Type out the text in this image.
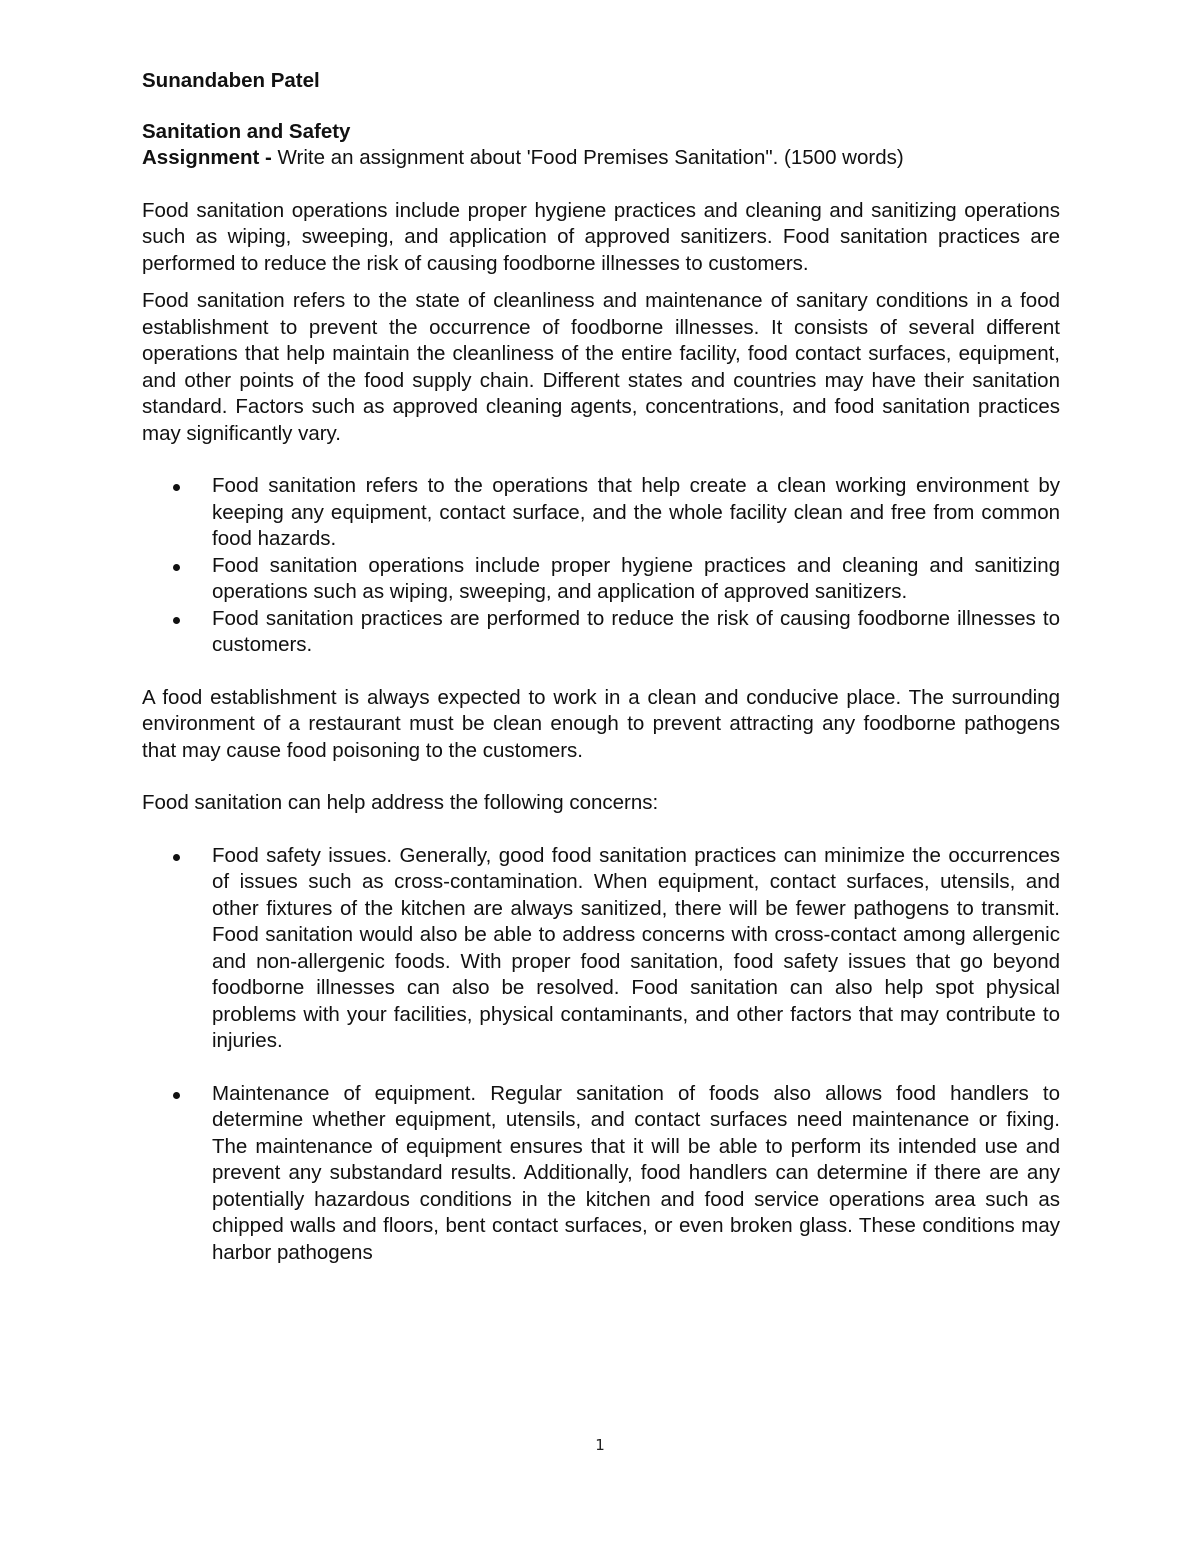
Sunandaben Patel

Sanitation and Safety

Assignment - Write an assignment about 'Food Premises Sanitation". (1500 words)

Food sanitation operations include proper hygiene practices and cleaning and sanitizing operations such as wiping, sweeping, and application of approved sanitizers. Food sanitation practices are performed to reduce the risk of causing foodborne illnesses to customers.

Food sanitation refers to the state of cleanliness and maintenance of sanitary conditions in a food establishment to prevent the occurrence of foodborne illnesses. It consists of several different operations that help maintain the cleanliness of the entire facility, food contact surfaces, equipment, and other points of the food supply chain. Different states and countries may have their sanitation standard. Factors such as approved cleaning agents, concentrations, and food sanitation practices may significantly vary.

Food sanitation refers to the operations that help create a clean working environment by keeping any equipment, contact surface, and the whole facility clean and free from common food hazards.
Food sanitation operations include proper hygiene practices and cleaning and sanitizing operations such as wiping, sweeping, and application of approved sanitizers.
Food sanitation practices are performed to reduce the risk of causing foodborne illnesses to customers.

A food establishment is always expected to work in a clean and conducive place. The surrounding environment of a restaurant must be clean enough to prevent attracting any foodborne pathogens that may cause food poisoning to the customers.

Food sanitation can help address the following concerns:

Food safety issues. Generally, good food sanitation practices can minimize the occurrences of issues such as cross-contamination. When equipment, contact surfaces, utensils, and other fixtures of the kitchen are always sanitized, there will be fewer pathogens to transmit. Food sanitation would also be able to address concerns with cross-contact among allergenic and non-allergenic foods. With proper food sanitation, food safety issues that go beyond foodborne illnesses can also be resolved. Food sanitation can also help spot physical problems with your facilities, physical contaminants, and other factors that may contribute to injuries.
Maintenance of equipment. Regular sanitation of foods also allows food handlers to determine whether equipment, utensils, and contact surfaces need maintenance or fixing. The maintenance of equipment ensures that it will be able to perform its intended use and prevent any substandard results. Additionally, food handlers can determine if there are any potentially hazardous conditions in the kitchen and food service operations area such as chipped walls and floors, bent contact surfaces, or even broken glass. These conditions may harbor pathogens
1
